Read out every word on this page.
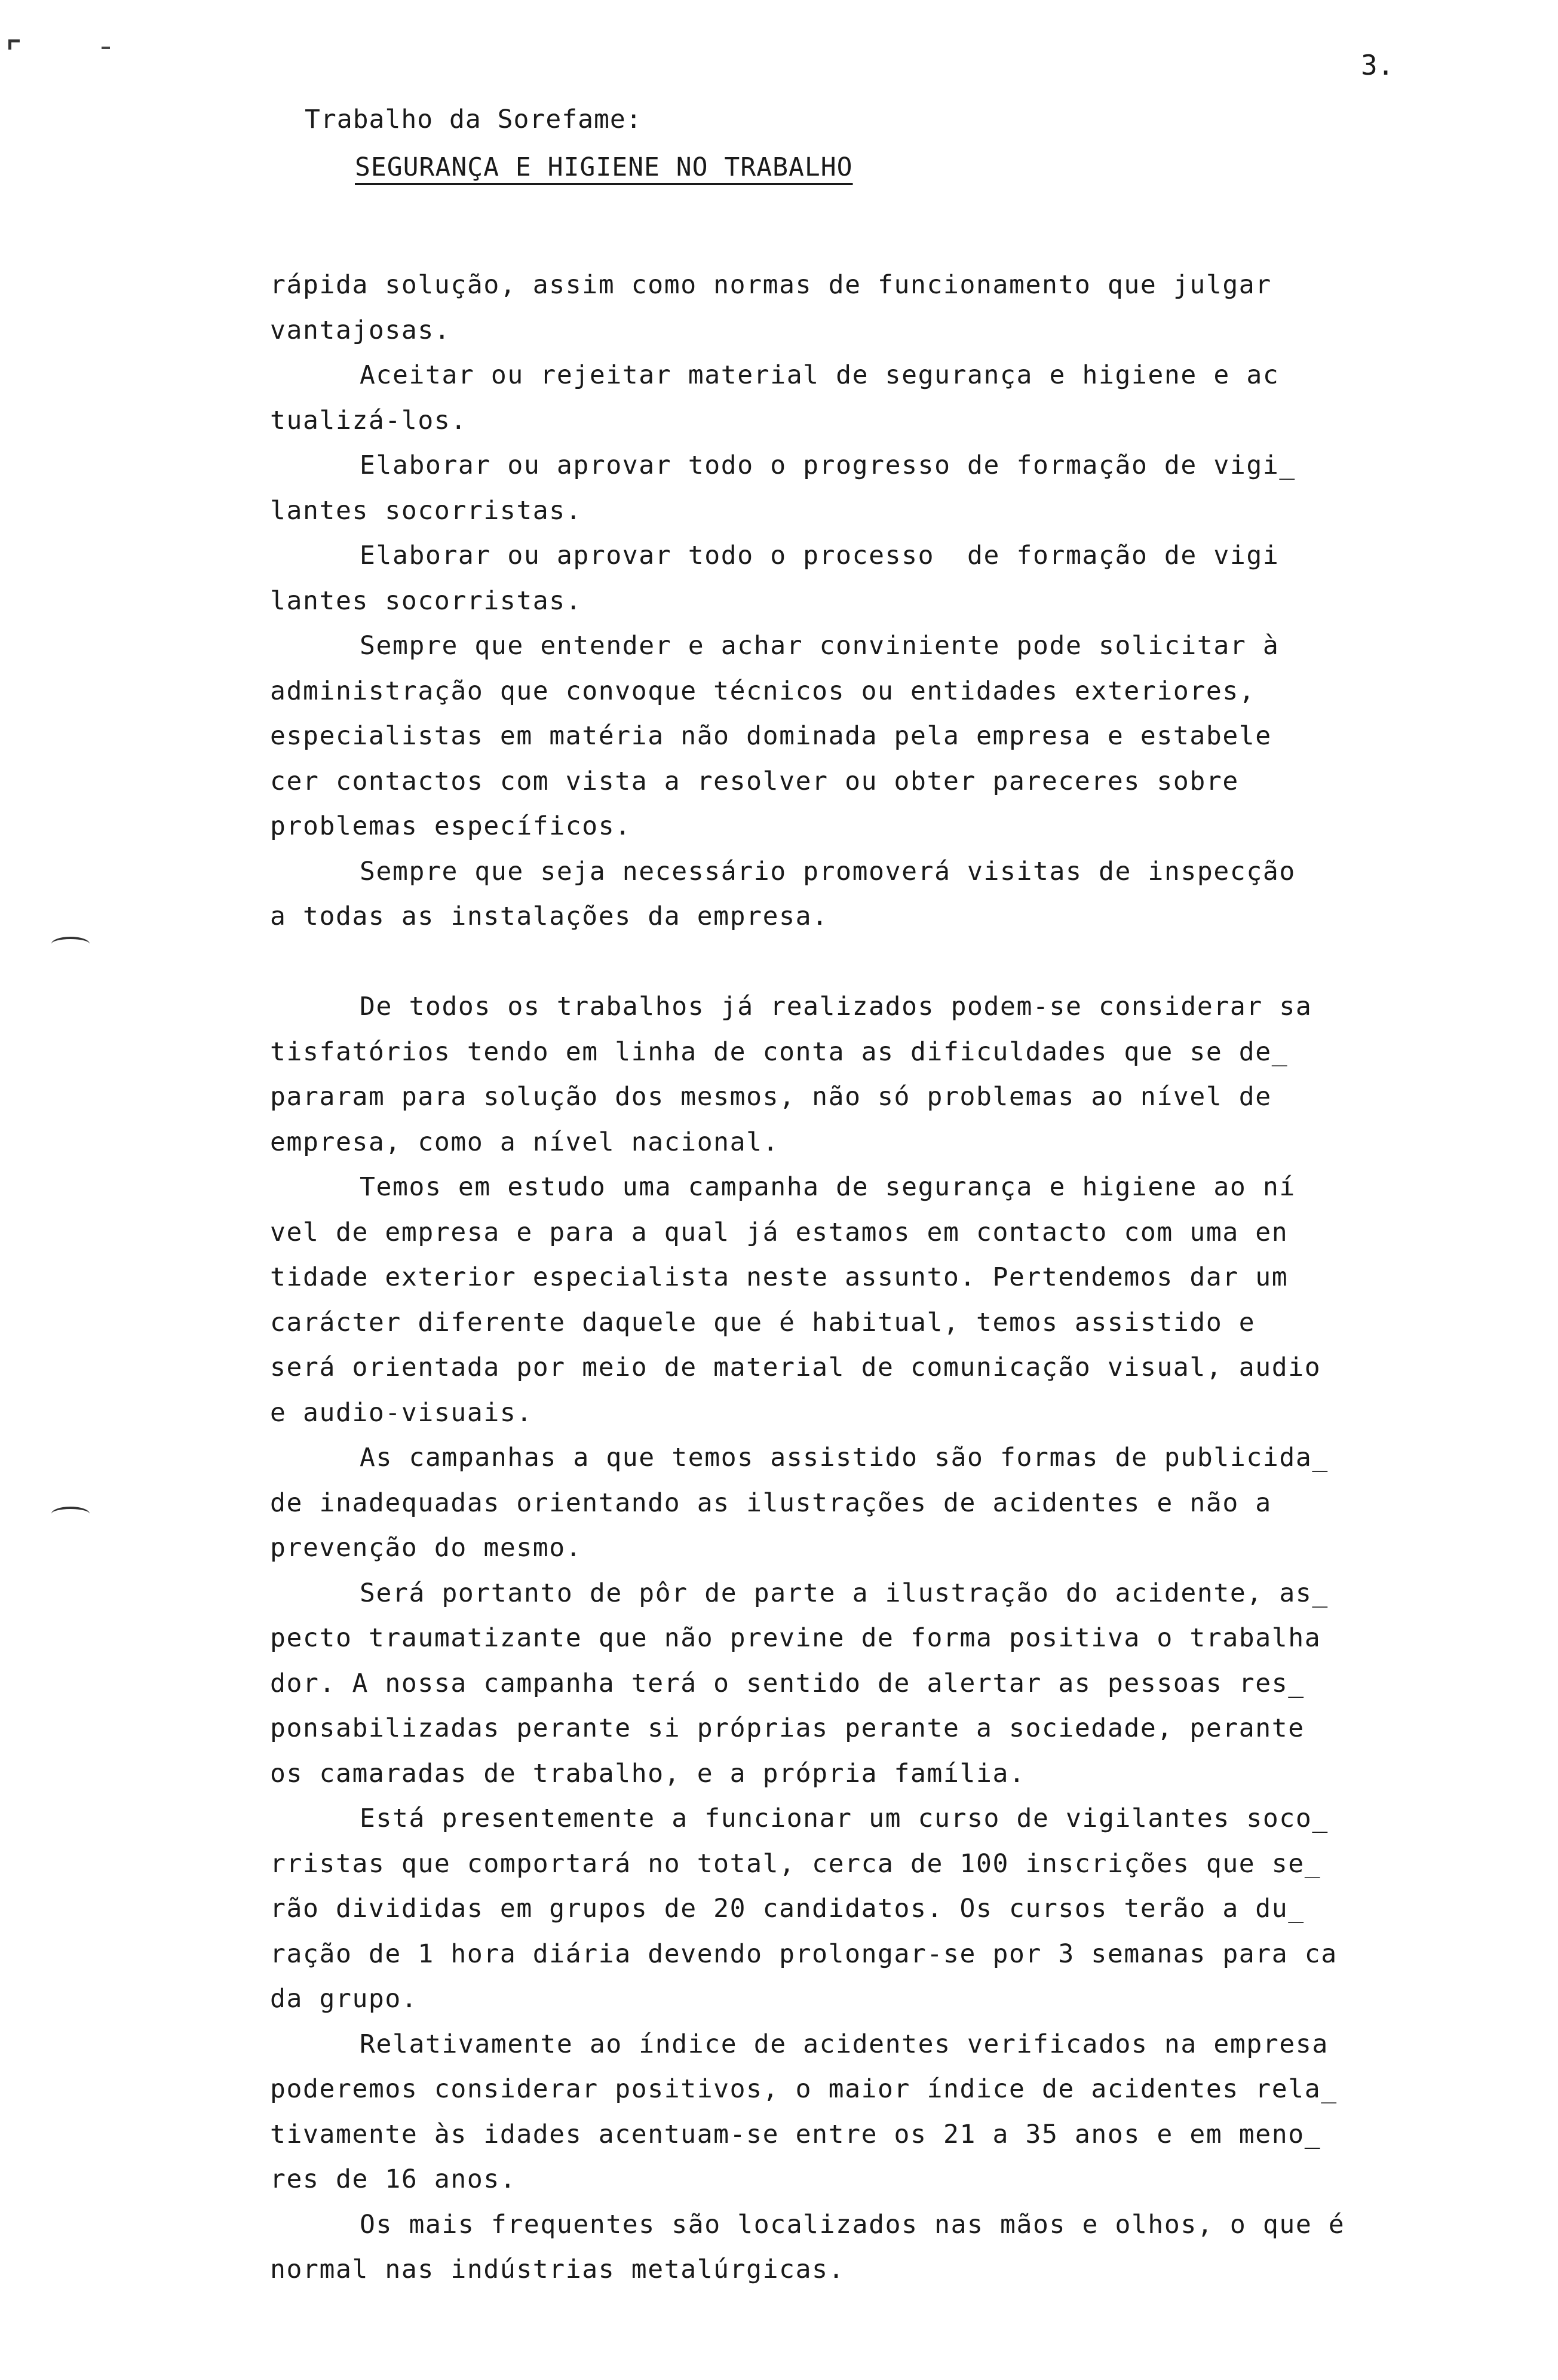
3.
Trabalho da Sorefame:
SEGURANÇA E HIGIENE NO TRABALHO
rápida solução, assim como normas de funcionamento que julgar
vantajosas.
Aceitar ou rejeitar material de segurança e higiene e ac
tualizá-los.
Elaborar ou aprovar todo o progresso de formação de vigi_
lantes socorristas.
Elaborar ou aprovar todo o processo  de formação de vigi
lantes socorristas.
Sempre que entender e achar conviniente pode solicitar à
administração que convoque técnicos ou entidades exteriores,
especialistas em matéria não dominada pela empresa e estabele
cer contactos com vista a resolver ou obter pareceres sobre
problemas específicos.
Sempre que seja necessário promoverá visitas de inspecção
a todas as instalações da empresa.
De todos os trabalhos já realizados podem-se considerar sa
tisfatórios tendo em linha de conta as dificuldades que se de_
pararam para solução dos mesmos, não só problemas ao nível de
empresa, como a nível nacional.
Temos em estudo uma campanha de segurança e higiene ao ní
vel de empresa e para a qual já estamos em contacto com uma en
tidade exterior especialista neste assunto. Pertendemos dar um
carácter diferente daquele que é habitual, temos assistido e
será orientada por meio de material de comunicação visual, audio
e audio-visuais.
As campanhas a que temos assistido são formas de publicida_
de inadequadas orientando as ilustrações de acidentes e não a
prevenção do mesmo.
Será portanto de pôr de parte a ilustração do acidente, as_
pecto traumatizante que não previne de forma positiva o trabalha
dor. A nossa campanha terá o sentido de alertar as pessoas res_
ponsabilizadas perante si próprias perante a sociedade, perante
os camaradas de trabalho, e a própria família.
Está presentemente a funcionar um curso de vigilantes soco_
rristas que comportará no total, cerca de 100 inscrições que se_
rão divididas em grupos de 20 candidatos. Os cursos terão a du_
ração de 1 hora diária devendo prolongar-se por 3 semanas para ca
da grupo.
Relativamente ao índice de acidentes verificados na empresa
poderemos considerar positivos, o maior índice de acidentes rela_
tivamente às idades acentuam-se entre os 21 a 35 anos e em meno_
res de 16 anos.
Os mais frequentes são localizados nas mãos e olhos, o que é
normal nas indústrias metalúrgicas.
